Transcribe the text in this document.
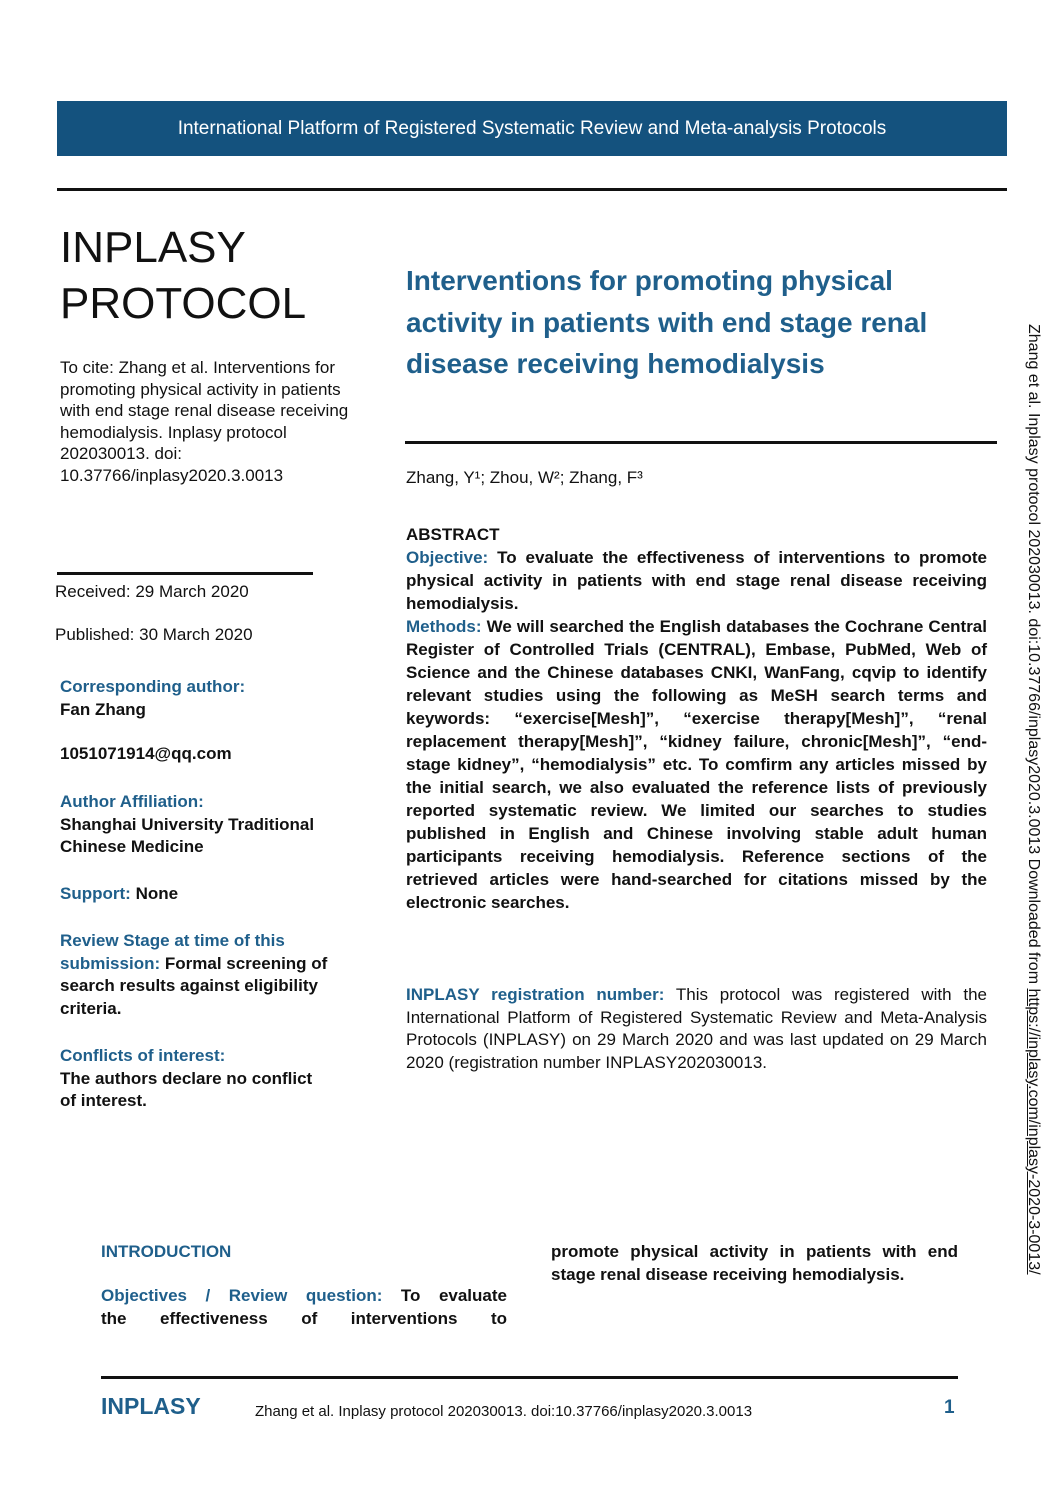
International Platform of Registered Systematic Review and Meta-analysis Protocols
INPLASY
PROTOCOL
To cite: Zhang et al. Interventions for promoting physical activity in patients with end stage renal disease receiving hemodialysis. Inplasy protocol 202030013. doi: 10.37766/inplasy2020.3.0013
Received: 29 March 2020
Published: 30 March 2020
Corresponding author:
Fan Zhang
1051071914@qq.com
Author Affiliation:
Shanghai University Traditional Chinese Medicine
Support: None
Review Stage at time of this submission: Formal screening of search results against eligibility criteria.
Conflicts of interest:
The authors declare no conflict of interest.
Interventions for promoting physical activity in patients with end stage renal disease receiving hemodialysis
Zhang, Y¹; Zhou, W²; Zhang, F³

ABSTRACT

Objective: To evaluate the effectiveness of interventions to promote physical activity in patients with end stage renal disease receiving hemodialysis.

Methods: We will searched the English databases the Cochrane Central Register of Controlled Trials (CENTRAL), Embase, PubMed, Web of Science and the Chinese databases CNKI, WanFang, cqvip to identify relevant studies using the following as MeSH search terms and keywords: “exercise[Mesh]”, “exercise therapy[Mesh]”, “renal replacement therapy[Mesh]”, “kidney failure, chronic[Mesh]”, “end-stage kidney”, “hemodialysis” etc. To comfirm any articles missed by the initial search, we also evaluated the reference lists of previously reported systematic review. We limited our searches to studies published in English and Chinese involving stable adult human participants receiving hemodialysis. Reference sections of the retrieved articles were hand-searched for citations missed by the electronic searches.

INPLASY registration number: This protocol was registered with the International Platform of Registered Systematic Review and Meta-Analysis Protocols (INPLASY) on 29 March 2020 and was last updated on 29 March 2020 (registration number INPLASY202030013.
INTRODUCTION
Objectives / Review question: To evaluate
the effectiveness of interventions to
promote physical activity in patients with end stage renal disease receiving hemodialysis.
INPLASY	Zhang et al. Inplasy protocol 202030013. doi:10.37766/inplasy2020.3.0013	1
Zhang et al. Inplasy protocol 202030013. doi:10.37766/inplasy2020.3.0013 Downloaded from https://inplasy.com/inplasy-2020-3-0013/
